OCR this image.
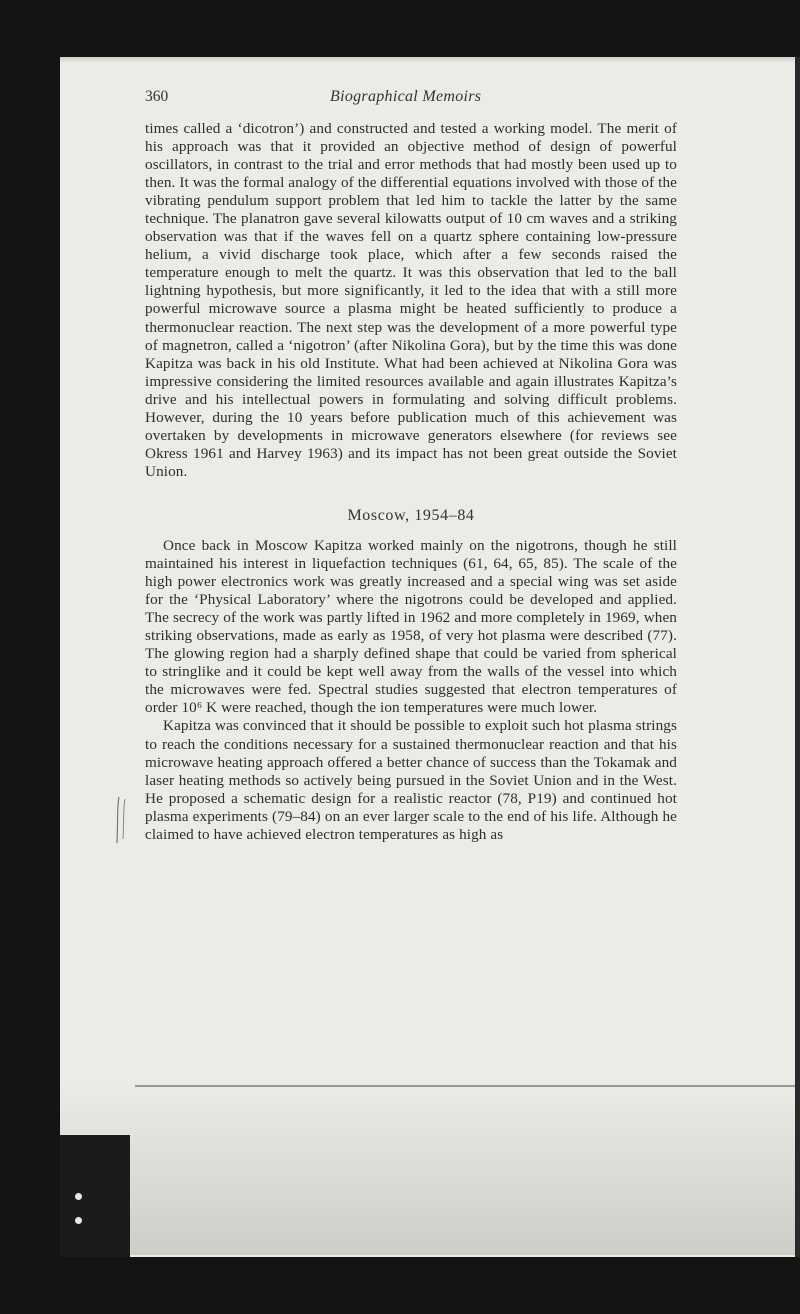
360	Biographical Memoirs

times called a ‘dicotron’) and constructed and tested a working model. The merit of his approach was that it provided an objective method of design of powerful oscillators, in contrast to the trial and error methods that had mostly been used up to then. It was the formal analogy of the differential equations involved with those of the vibrating pendulum support problem that led him to tackle the latter by the same technique. The planatron gave several kilowatts output of 10 cm waves and a striking observation was that if the waves fell on a quartz sphere containing low-pressure helium, a vivid discharge took place, which after a few seconds raised the temperature enough to melt the quartz. It was this observation that led to the ball lightning hypothesis, but more significantly, it led to the idea that with a still more powerful microwave source a plasma might be heated sufficiently to produce a thermonuclear reaction. The next step was the development of a more powerful type of magnetron, called a ‘nigotron’ (after Nikolina Gora), but by the time this was done Kapitza was back in his old Institute. What had been achieved at Nikolina Gora was impressive considering the limited resources available and again illustrates Kapitza’s drive and his intellectual powers in formulating and solving difficult problems. However, during the 10 years before publication much of this achievement was overtaken by developments in microwave generators elsewhere (for reviews see Okress 1961 and Harvey 1963) and its impact has not been great outside the Soviet Union.

Moscow, 1954–84

Once back in Moscow Kapitza worked mainly on the nigotrons, though he still maintained his interest in liquefaction techniques (61, 64, 65, 85). The scale of the high power electronics work was greatly increased and a special wing was set aside for the ‘Physical Laboratory’ where the nigotrons could be developed and applied. The secrecy of the work was partly lifted in 1962 and more completely in 1969, when striking observations, made as early as 1958, of very hot plasma were described (77). The glowing region had a sharply defined shape that could be varied from spherical to stringlike and it could be kept well away from the walls of the vessel into which the microwaves were fed. Spectral studies suggested that electron temperatures of order 10⁶ K were reached, though the ion temperatures were much lower.

Kapitza was convinced that it should be possible to exploit such hot plasma strings to reach the conditions necessary for a sustained thermonuclear reaction and that his microwave heating approach offered a better chance of success than the Tokamak and laser heating methods so actively being pursued in the Soviet Union and in the West. He proposed a schematic design for a realistic reactor (78, P19) and continued hot plasma experiments (79–84) on an ever larger scale to the end of his life. Although he claimed to have achieved electron temperatures as high as
